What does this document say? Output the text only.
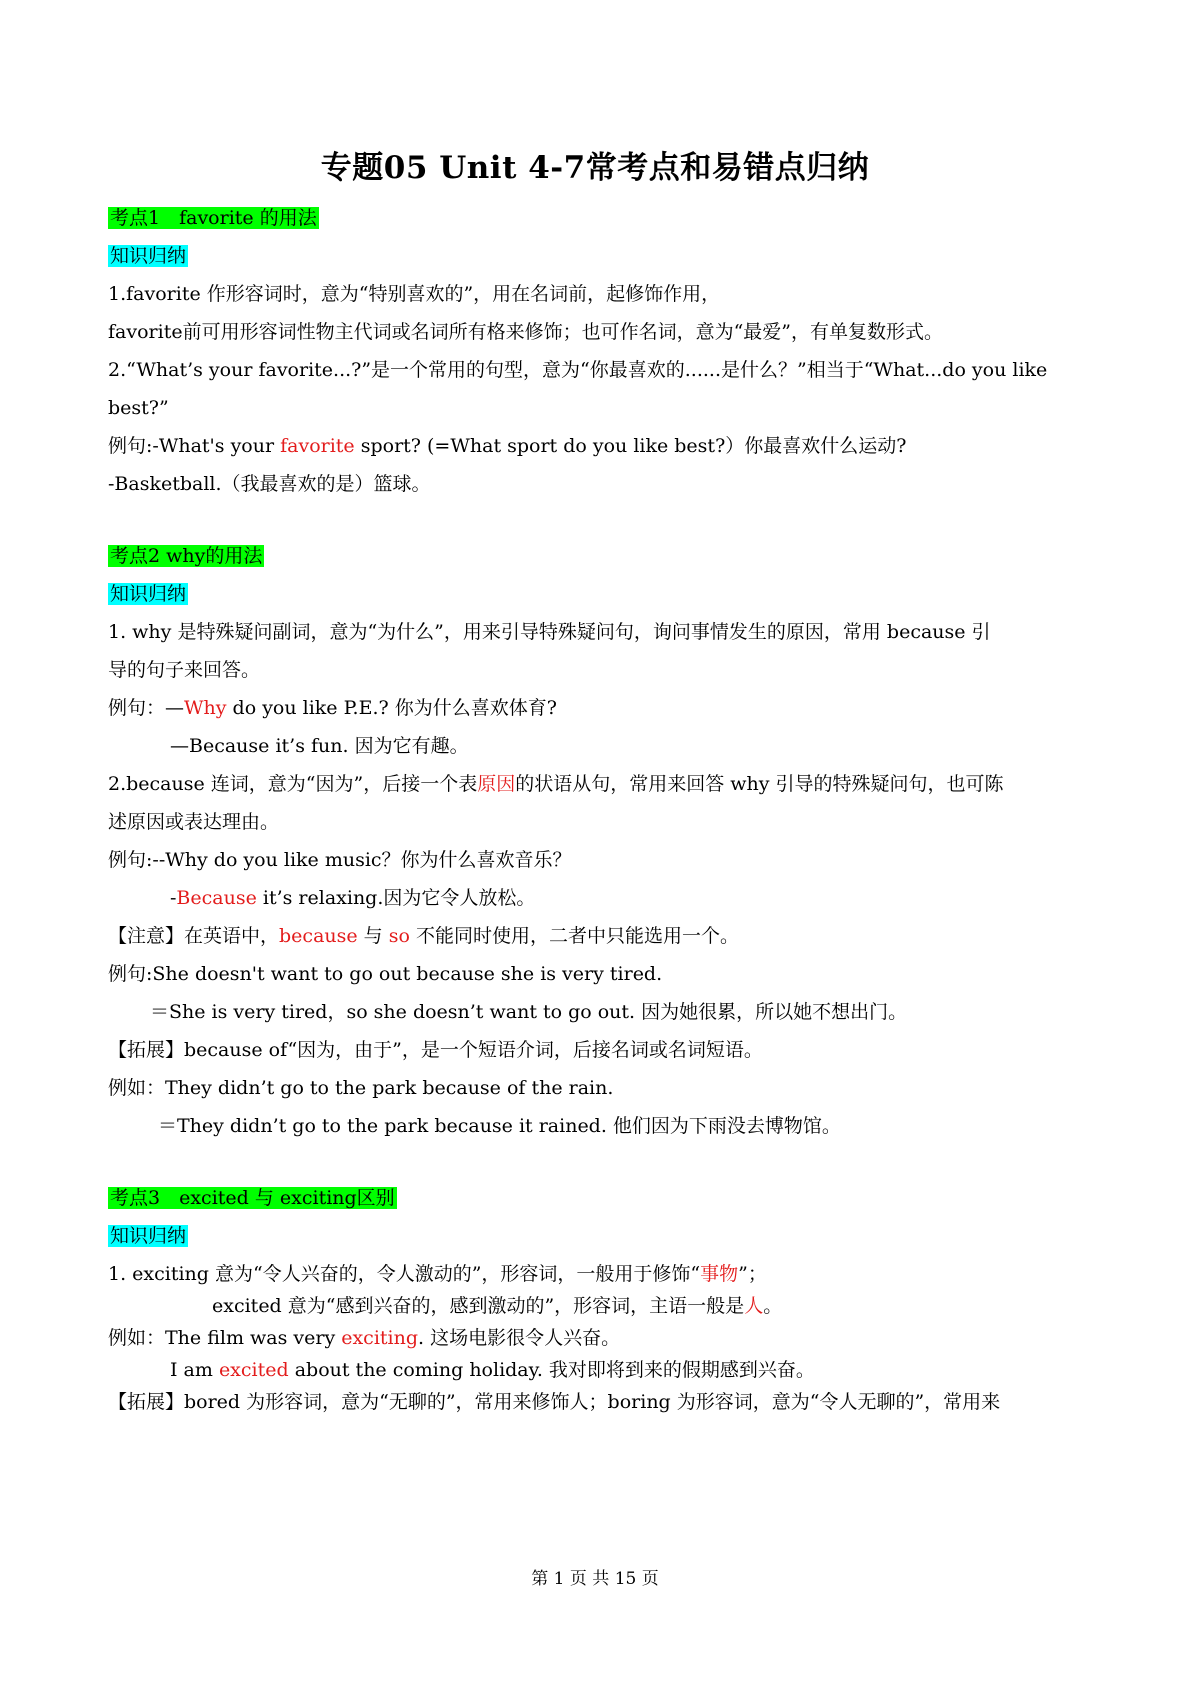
专题05 Unit 4-7常考点和易错点归纳
考点1　favorite 的用法
知识归纳
1.favorite 作形容词时，意为“特别喜欢的”，用在名词前，起修饰作用，
favorite前可用形容词性物主代词或名词所有格来修饰；也可作名词，意为“最爱”，有单复数形式。
2.“What’s your favorite...?”是一个常用的句型，意为“你最喜欢的......是什么？”相当于“What...do you like
best?”
例句:-What's your favorite sport? (=What sport do you like best?）你最喜欢什么运动?
-Basketball.（我最喜欢的是）篮球。
考点2 why的用法
知识归纳
1. why 是特殊疑问副词，意为“为什么”，用来引导特殊疑问句，询问事情发生的原因，常用 because 引
导的句子来回答。
例句：—Why do you like P.E.? 你为什么喜欢体育?
—Because it’s fun. 因为它有趣。
2.because 连词，意为“因为”，后接一个表原因的状语从句，常用来回答 why 引导的特殊疑问句，也可陈
述原因或表达理由。
例句:--Why do you like music？你为什么喜欢音乐？
-Because it’s relaxing.因为它令人放松。
【注意】在英语中，because 与 so 不能同时使用，二者中只能选用一个。
例句:She doesn't want to go out because she is very tired.
＝She is very tired，so she doesn’t want to go out. 因为她很累，所以她不想出门。
【拓展】because of“因为，由于”，是一个短语介词，后接名词或名词短语。
例如：They didn’t go to the park because of the rain.
＝They didn’t go to the park because it rained. 他们因为下雨没去博物馆。
考点3　excited 与 exciting区别
知识归纳
1. exciting 意为“令人兴奋的，令人激动的”，形容词，一般用于修饰“事物”；
excited 意为“感到兴奋的，感到激动的”，形容词，主语一般是人。
例如：The film was very exciting. 这场电影很令人兴奋。
I am excited about the coming holiday. 我对即将到来的假期感到兴奋。
【拓展】bored 为形容词，意为“无聊的”，常用来修饰人；boring 为形容词，意为“令人无聊的”，常用来
第 1 页 共 15 页
